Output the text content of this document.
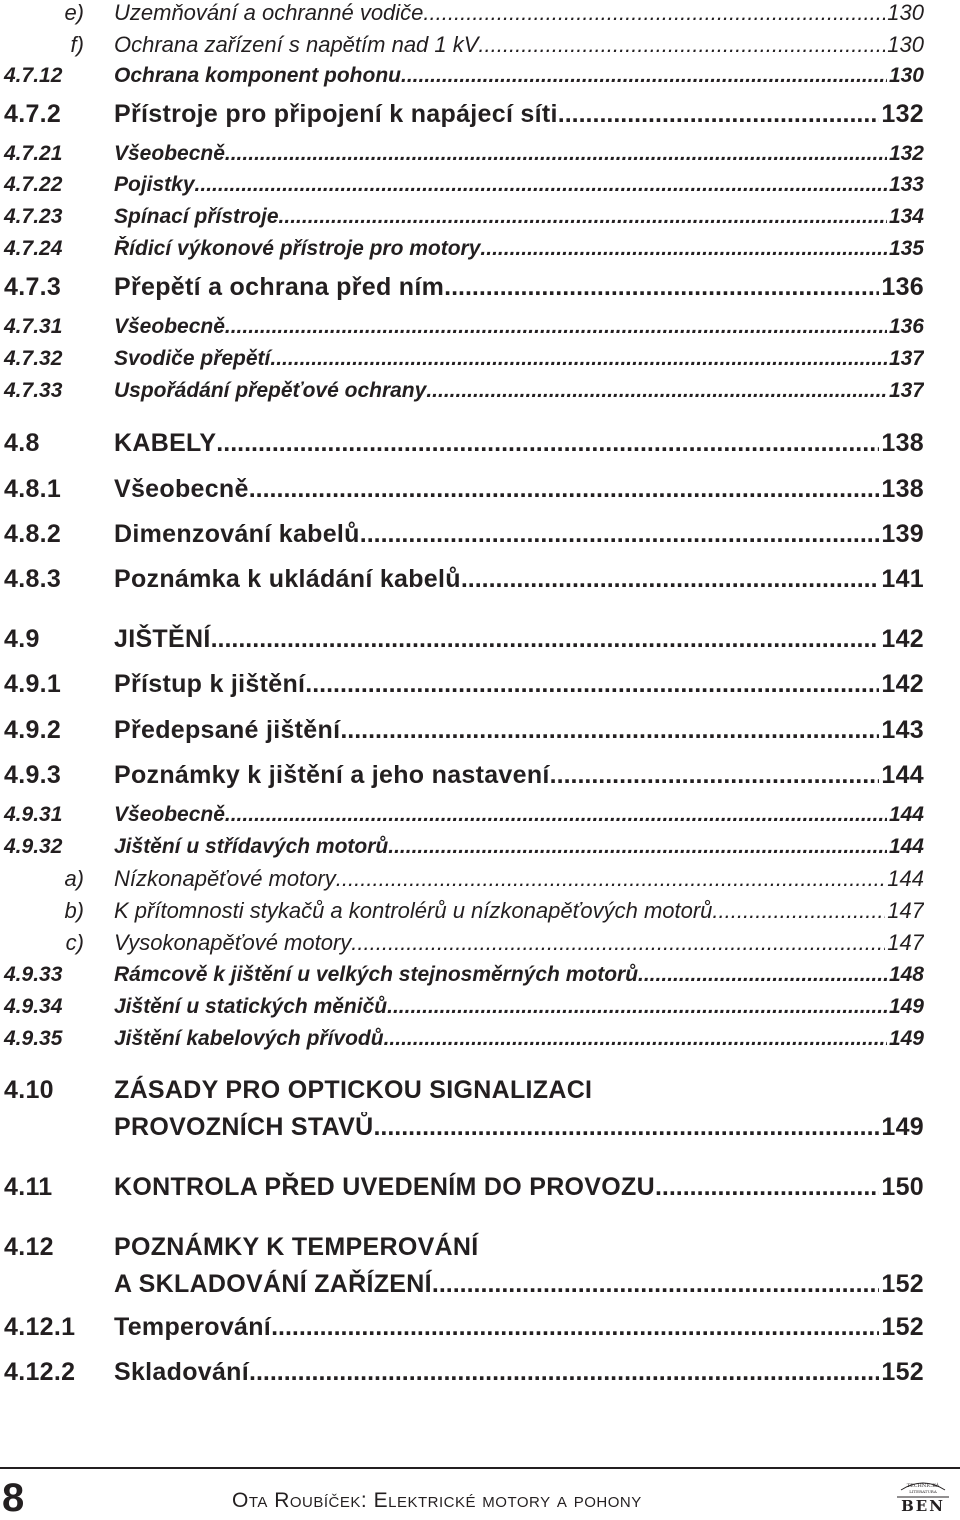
e) Uzemňování a ochranné vodiče .....	130
f) Ochrana zařízení s napětím nad 1 kV .....	130
4.7.12 Ochrana komponent pohonu .....	130
4.7.2 Přístroje pro připojení k napájecí síti .....	132
4.7.21 Všeobecně .....	132
4.7.22 Pojistky .....	133
4.7.23 Spínací přístroje .....	134
4.7.24 Řídicí výkonové přístroje pro motory .....	135
4.7.3 Přepětí a ochrana před ním .....	136
4.7.31 Všeobecně .....	136
4.7.32 Svodiče přepětí .....	137
4.7.33 Uspořádání přepěťové ochrany .....	137
4.8	KABELY .....	138
4.8.1 Všeobecně .....	138
4.8.2 Dimenzování kabelů .....	139
4.8.3 Poznámka k ukládání kabelů .....	141
4.9	JIŠTĚNÍ .....	142
4.9.1 Přístup k jištění .....	142
4.9.2 Předepsané jištění .....	143
4.9.3 Poznámky k jištění a jeho nastavení .....	144
4.9.31 Všeobecně .....	144
4.9.32 Jištění u střídavých motorů .....	144
a) Nízkonapěťové motory .....	144
b) K přítomnosti stykačů a kontrolérů u nízkonapěťových motorů .....	147
c) Vysokonapěťové motory .....	147
4.9.33 Rámcově k jištění u velkých stejnosměrných motorů .....	148
4.9.34 Jištění u statických měničů .....	149
4.9.35 Jištění kabelových přívodů .....	149
4.11 KONTROLA PŘED UVEDENÍM DO PROVOZU .....	150
4.12.1 Temperování .....	152
4.12.2 Skladování .....	152
4.10 ZÁSADY PRO OPTICKOU SIGNALIZACI
PROVOZNÍCH STAVŮ .....	149
4.12 POZNÁMKY K TEMPEROVÁNÍ
A SKLADOVÁNÍ ZAŘÍZENÍ .....	152
8	Ota Roubíček: Elektrické motory a pohony
TECHNICKÁ
LITERATURA
BEN
